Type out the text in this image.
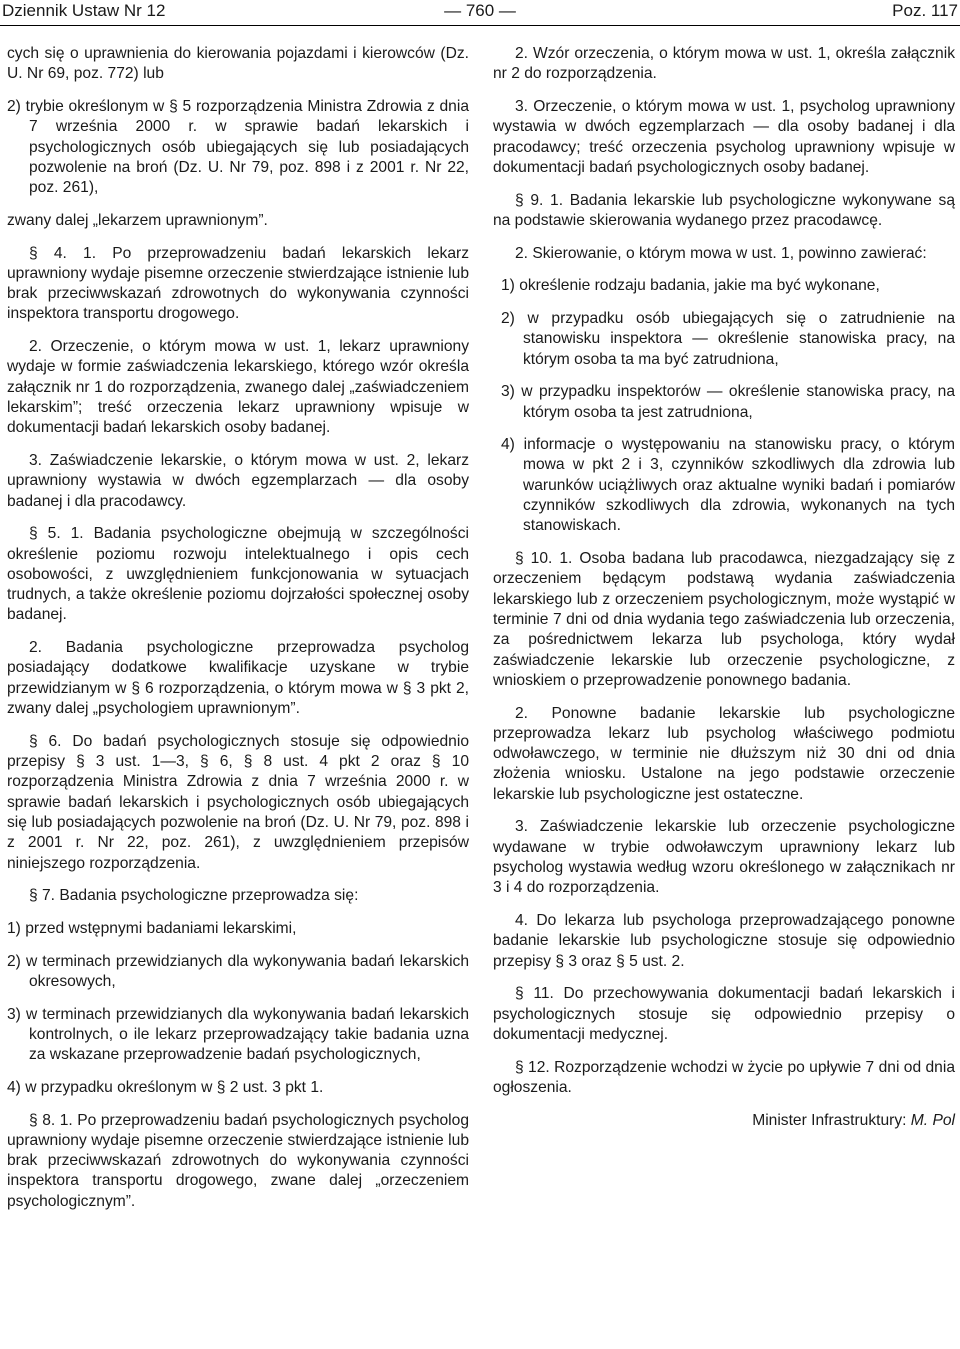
Dziennik Ustaw Nr 12	— 760 —	Poz. 117

cych się o uprawnienia do kierowania pojazdami i kierowców (Dz. U. Nr 69, poz. 772) lub

2) trybie określonym w § 5 rozporządzenia Ministra Zdrowia z dnia 7 września 2000 r. w sprawie badań lekarskich i psychologicznych osób ubiegających się lub posiadających pozwolenie na broń (Dz. U. Nr 79, poz. 898 i z 2001 r. Nr 22, poz. 261),

zwany dalej „lekarzem uprawnionym”.

§ 4. 1. Po przeprowadzeniu badań lekarskich lekarz uprawniony wydaje pisemne orzeczenie stwierdzające istnienie lub brak przeciwwskazań zdrowotnych do wykonywania czynności inspektora transportu drogowego.

2. Orzeczenie, o którym mowa w ust. 1, lekarz uprawniony wydaje w formie zaświadczenia lekarskiego, którego wzór określa załącznik nr 1 do rozporządzenia, zwanego dalej „zaświadczeniem lekarskim”; treść orzeczenia lekarz uprawniony wpisuje w dokumentacji badań lekarskich osoby badanej.

3. Zaświadczenie lekarskie, o którym mowa w ust. 2, lekarz uprawniony wystawia w dwóch egzemplarzach — dla osoby badanej i dla pracodawcy.

§ 5. 1. Badania psychologiczne obejmują w szczególności określenie poziomu rozwoju intelektualnego i opis cech osobowości, z uwzględnieniem funkcjonowania w sytuacjach trudnych, a także określenie poziomu dojrzałości społecznej osoby badanej.

2. Badania psychologiczne przeprowadza psycholog posiadający dodatkowe kwalifikacje uzyskane w trybie przewidzianym w § 6 rozporządzenia, o którym mowa w § 3 pkt 2, zwany dalej „psychologiem uprawnionym”.

§ 6. Do badań psychologicznych stosuje się odpowiednio przepisy § 3 ust. 1—3, § 6, § 8 ust. 4 pkt 2 oraz § 10 rozporządzenia Ministra Zdrowia z dnia 7 września 2000 r. w sprawie badań lekarskich i psychologicznych osób ubiegających się lub posiadających pozwolenie na broń (Dz. U. Nr 79, poz. 898 i z 2001 r. Nr 22, poz. 261), z uwzględnieniem przepisów niniejszego rozporządzenia.

§ 7. Badania psychologiczne przeprowadza się:

1) przed wstępnymi badaniami lekarskimi,

2) w terminach przewidzianych dla wykonywania badań lekarskich okresowych,

3) w terminach przewidzianych dla wykonywania badań lekarskich kontrolnych, o ile lekarz przeprowadzający takie badania uzna za wskazane przeprowadzenie badań psychologicznych,

4) w przypadku określonym w § 2 ust. 3 pkt 1.

§ 8. 1. Po przeprowadzeniu badań psychologicznych psycholog uprawniony wydaje pisemne orzeczenie stwierdzające istnienie lub brak przeciwwskazań zdrowotnych do wykonywania czynności inspektora transportu drogowego, zwane dalej „orzeczeniem psychologicznym”.

2. Wzór orzeczenia, o którym mowa w ust. 1, określa załącznik nr 2 do rozporządzenia.

3. Orzeczenie, o którym mowa w ust. 1, psycholog uprawniony wystawia w dwóch egzemplarzach — dla osoby badanej i dla pracodawcy; treść orzeczenia psycholog uprawniony wpisuje w dokumentacji badań psychologicznych osoby badanej.

§ 9. 1. Badania lekarskie lub psychologiczne wykonywane są na podstawie skierowania wydanego przez pracodawcę.

2. Skierowanie, o którym mowa w ust. 1, powinno zawierać:

1) określenie rodzaju badania, jakie ma być wykonane,

2) w przypadku osób ubiegających się o zatrudnienie na stanowisku inspektora — określenie stanowiska pracy, na którym osoba ta ma być zatrudniona,

3) w przypadku inspektorów — określenie stanowiska pracy, na którym osoba ta jest zatrudniona,

4) informacje o występowaniu na stanowisku pracy, o którym mowa w pkt 2 i 3, czynników szkodliwych dla zdrowia lub warunków uciążliwych oraz aktualne wyniki badań i pomiarów czynników szkodliwych dla zdrowia, wykonanych na tych stanowiskach.

§ 10. 1. Osoba badana lub pracodawca, niezgadzający się z orzeczeniem będącym podstawą wydania zaświadczenia lekarskiego lub z orzeczeniem psychologicznym, może wystąpić w terminie 7 dni od dnia wydania tego zaświadczenia lub orzeczenia, za pośrednictwem lekarza lub psychologa, który wydał zaświadczenie lekarskie lub orzeczenie psychologiczne, z wnioskiem o przeprowadzenie ponownego badania.

2. Ponowne badanie lekarskie lub psychologiczne przeprowadza lekarz lub psycholog właściwego podmiotu odwoławczego, w terminie nie dłuższym niż 30 dni od dnia złożenia wniosku. Ustalone na jego podstawie orzeczenie lekarskie lub psychologiczne jest ostateczne.

3. Zaświadczenie lekarskie lub orzeczenie psychologiczne wydawane w trybie odwoławczym uprawniony lekarz lub psycholog wystawia według wzoru określonego w załącznikach nr 3 i 4 do rozporządzenia.

4. Do lekarza lub psychologa przeprowadzającego ponowne badanie lekarskie lub psychologiczne stosuje się odpowiednio przepisy § 3 oraz § 5 ust. 2.

§ 11. Do przechowywania dokumentacji badań lekarskich i psychologicznych stosuje się odpowiednio przepisy o dokumentacji medycznej.

§ 12. Rozporządzenie wchodzi w życie po upływie 7 dni od dnia ogłoszenia.

Minister Infrastruktury: M. Pol
